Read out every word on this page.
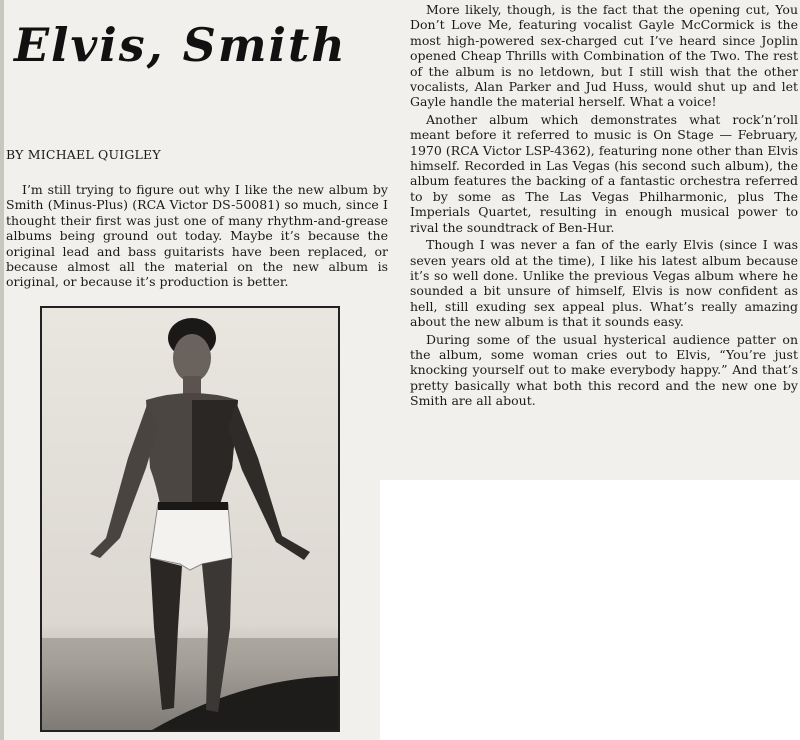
Elvis, Smith

BY MICHAEL QUIGLEY

I’m still trying to figure out why I like the new album by Smith (Minus-Plus) (RCA Victor DS-50081) so much, since I thought their first was just one of many rhythm-and-grease albums being ground out today. Maybe it’s because the original lead and bass guitarists have been replaced, or because almost all the material on the new album is original, or because it’s production is better.

More likely, though, is the fact that the opening cut, You Don’t Love Me, featuring vocalist Gayle McCormick is the most high-powered sex-charged cut I’ve heard since Joplin opened Cheap Thrills with Combination of the Two. The rest of the album is no letdown, but I still wish that the other vocalists, Alan Parker and Jud Huss, would shut up and let Gayle handle the material herself. What a voice!

Another album which demonstrates what rock’n’roll meant before it referred to music is On Stage — February, 1970 (RCA Victor LSP-4362), featuring none other than Elvis himself. Recorded in Las Vegas (his second such album), the album features the backing of a fantastic orchestra referred to by some as The Las Vegas Philharmonic, plus The Imperials Quartet, resulting in enough musical power to rival the soundtrack of Ben-Hur.

Though I was never a fan of the early Elvis (since I was seven years old at the time), I like his latest album because it’s so well done. Unlike the previous Vegas album where he sounded a bit unsure of himself, Elvis is now confident as hell, still exuding sex appeal plus. What’s really amazing about the new album is that it sounds easy.

During some of the usual hysterical audience patter on the album, some woman cries out to Elvis, “You’re just knocking yourself out to make everybody happy.” And that’s pretty basically what both this record and the new one by Smith are all about.
